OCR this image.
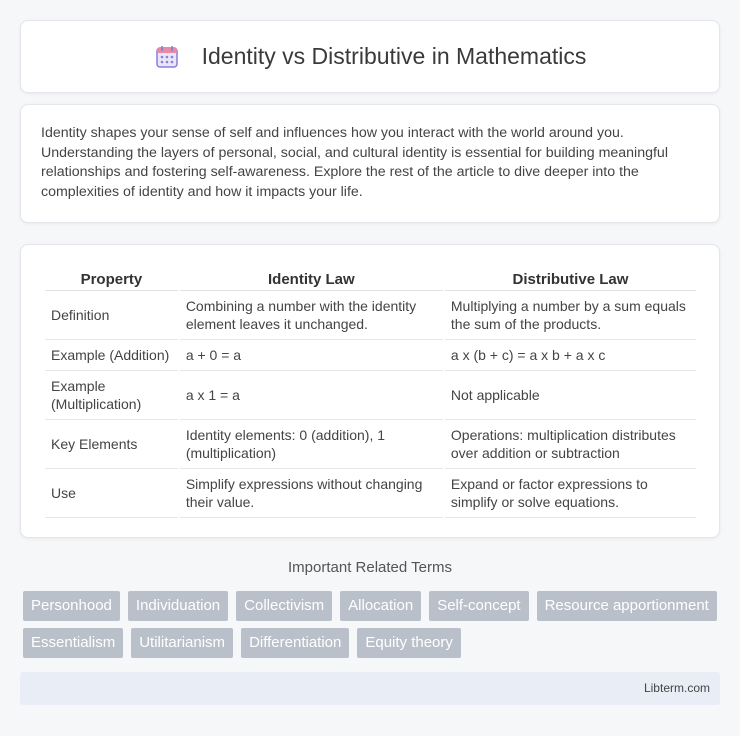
Identity vs Distributive in Mathematics

Identity shapes your sense of self and influences how you interact with the world around you. Understanding the layers of personal, social, and cultural identity is essential for building meaningful relationships and fostering self-awareness. Explore the rest of the article to dive deeper into the complexities of identity and how it impacts your life.

Property	Identity Law	Distributive Law
Definition	Combining a number with the identity element leaves it unchanged.	Multiplying a number by a sum equals the sum of the products.
Example (Addition)	a + 0 = a	a x (b + c) = a x b + a x c
Example (Multiplication)	a x 1 = a	Not applicable
Key Elements	Identity elements: 0 (addition), 1 (multiplication)	Operations: multiplication distributes over addition or subtraction
Use	Simplify expressions without changing their value.	Expand or factor expressions to simplify or solve equations.
Important Related Terms
Personhood	Individuation	Collectivism	Allocation	Self-concept	Resource apportionment
Essentialism	Utilitarianism	Differentiation	Equity theory
Libterm.com
